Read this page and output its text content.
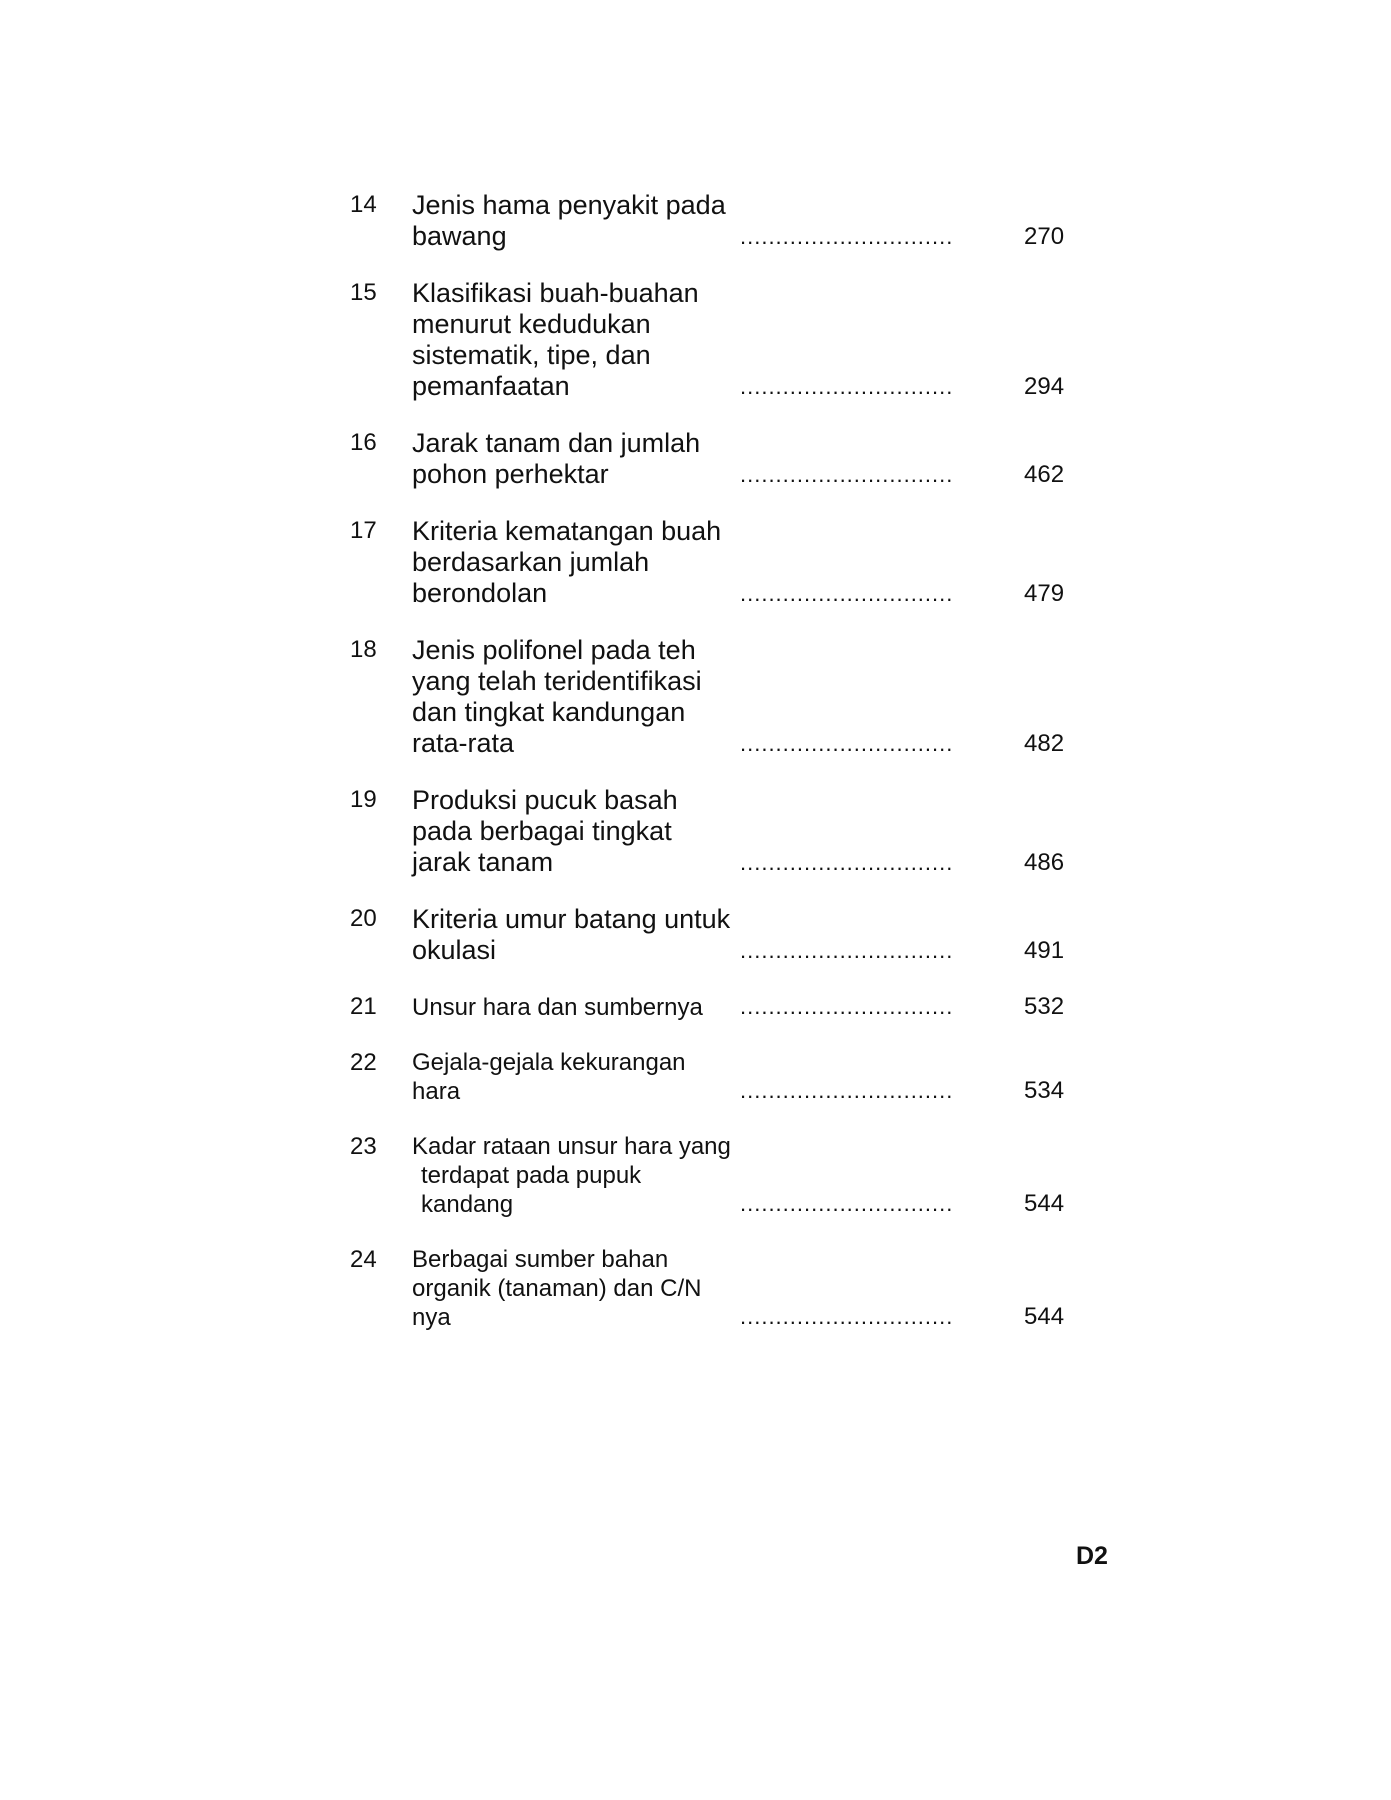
14	Jenis hama penyakit pada bawang	..............................	270
15	Klasifikasi buah-buahan menurut kedudukan sistematik, tipe, dan pemanfaatan	..............................	294
16	Jarak tanam dan jumlah pohon perhektar	..............................	462
17	Kriteria kematangan buah berdasarkan jumlah berondolan	..............................	479
18	Jenis polifonel pada teh yang telah teridentifikasi dan tingkat kandungan rata-rata	..............................	482
19	Produksi pucuk basah pada berbagai tingkat jarak tanam	..............................	486
20	Kriteria umur batang untuk okulasi	..............................	491
21	Unsur hara dan sumbernya	..............................	532
22	Gejala-gejala kekurangan hara	..............................	534
23	Kadar rataan unsur hara yang terdapat pada pupuk kandang	..............................	544
24	Berbagai sumber bahan organik (tanaman) dan C/N nya	..............................	544
D2
